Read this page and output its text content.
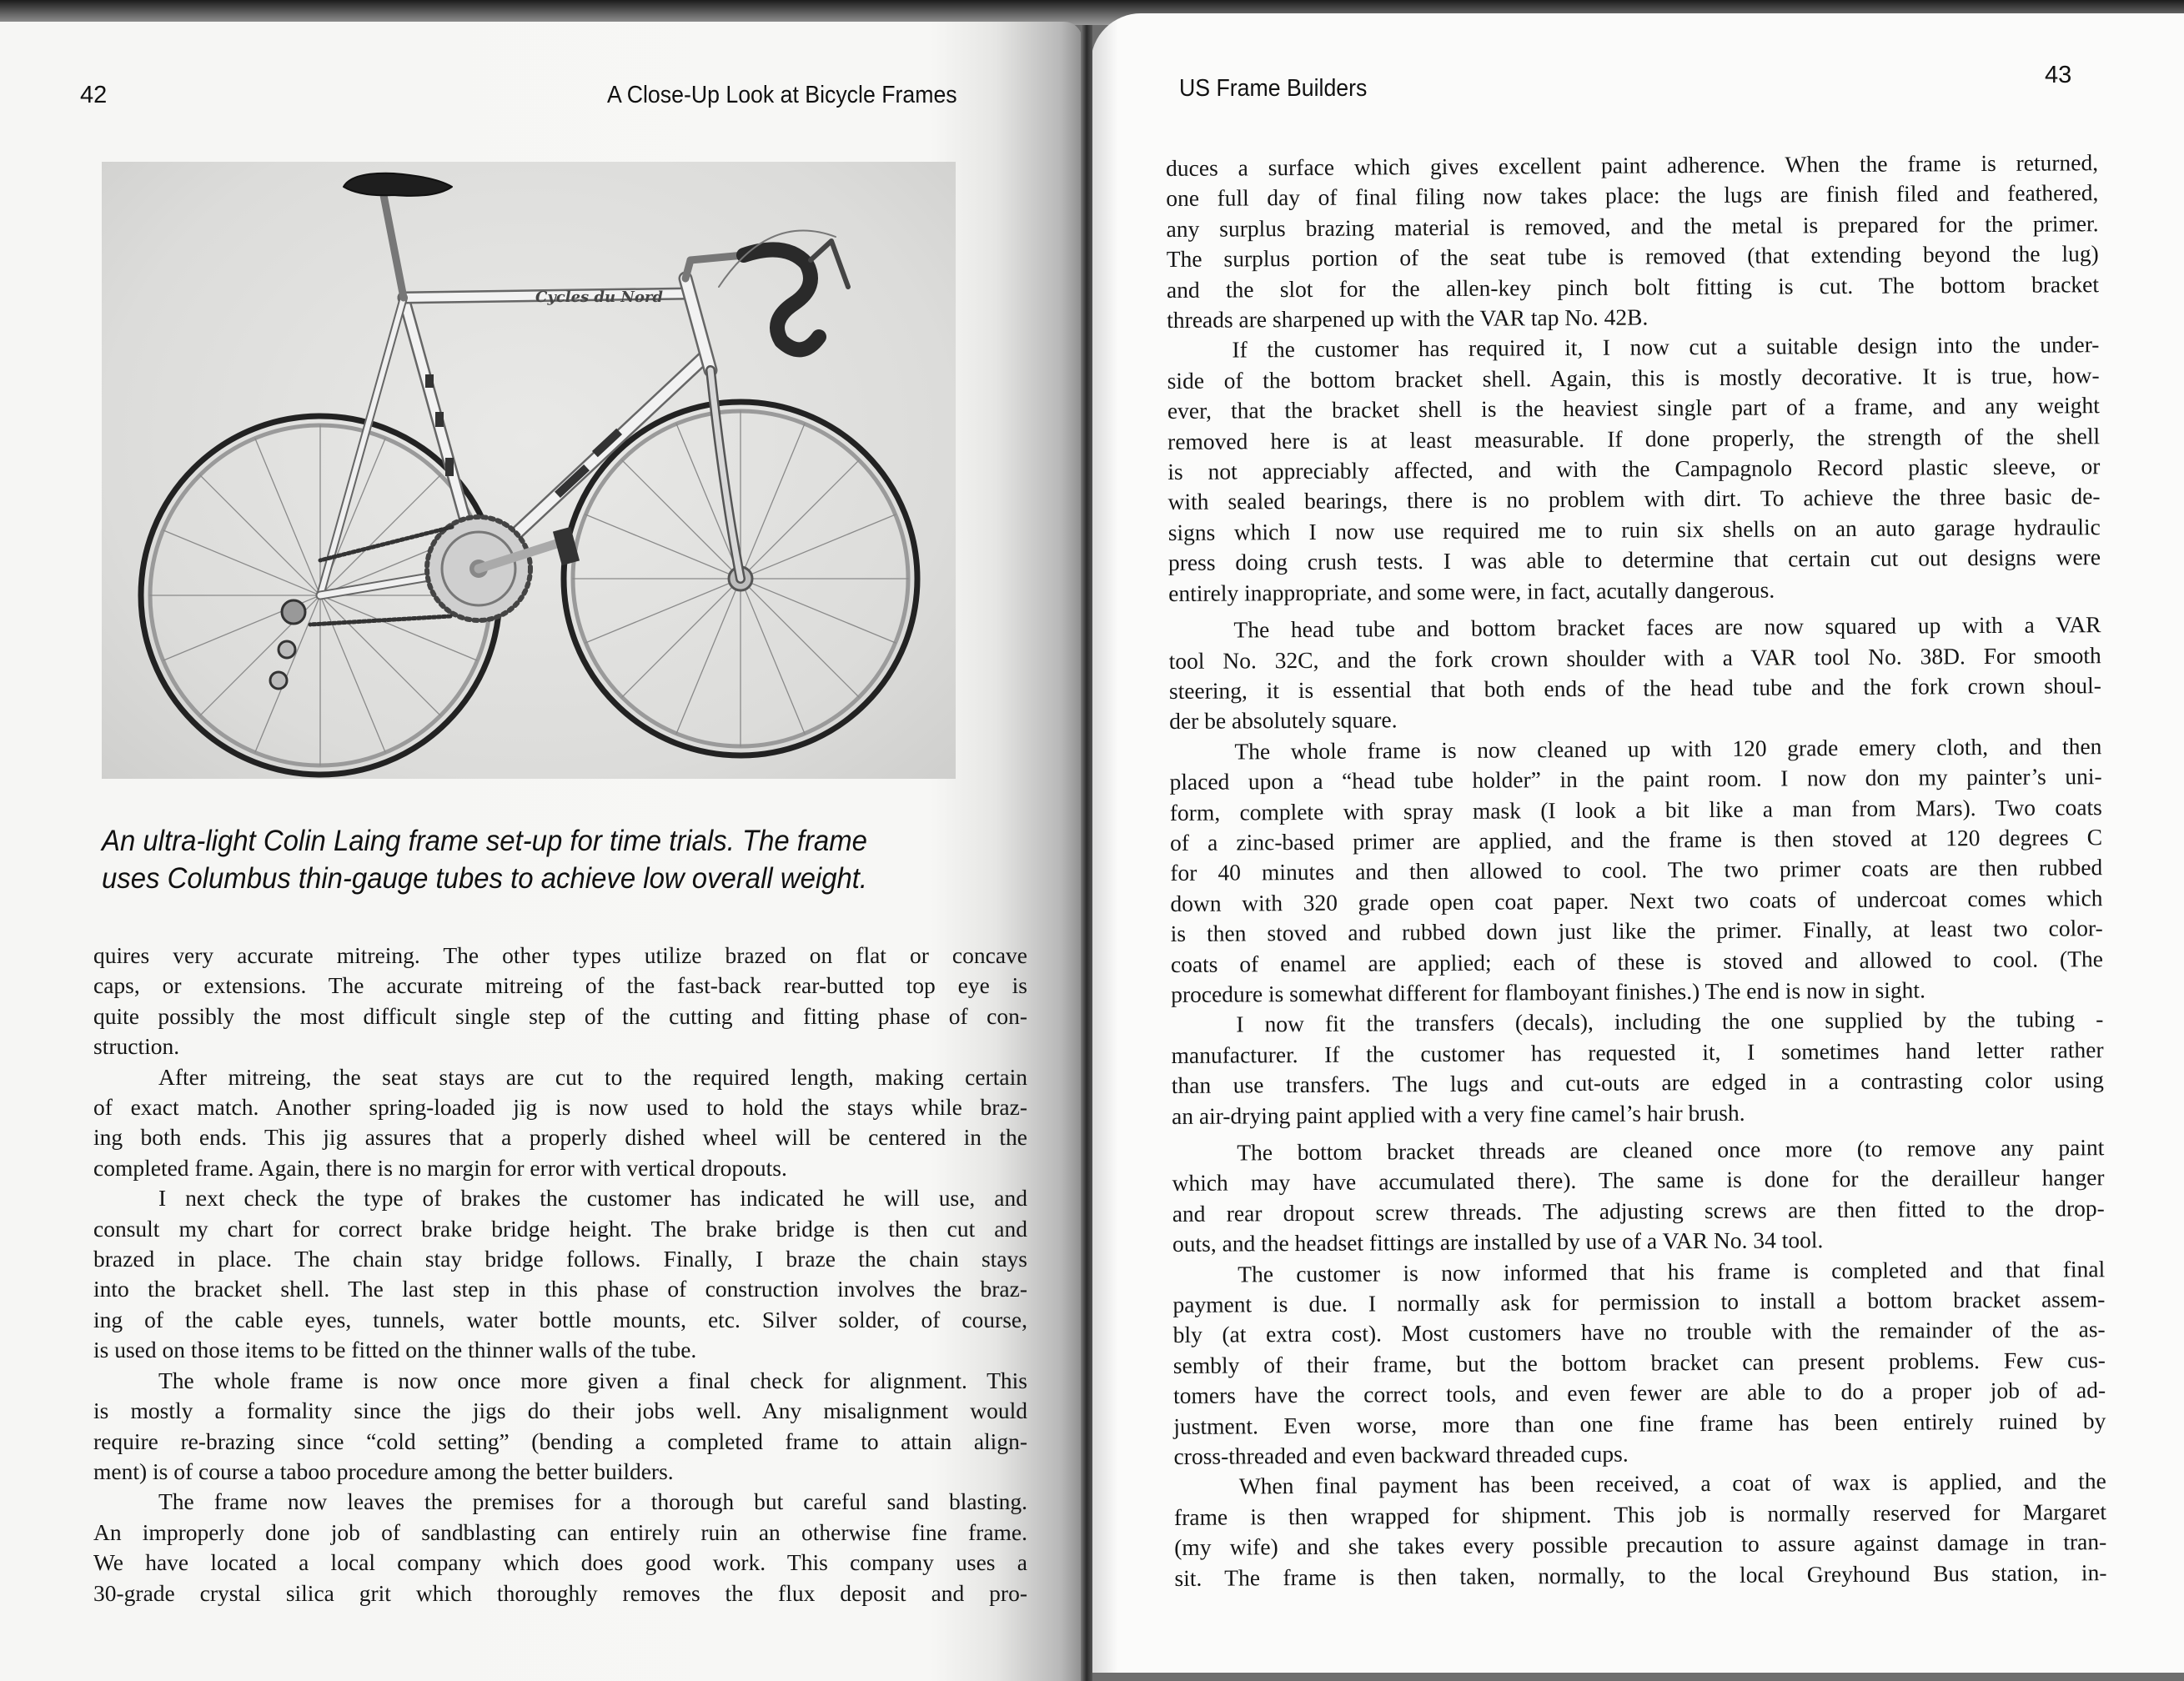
42	A Close-Up Look at Bicycle Frames
Cycles du Nord

An ultra-light Colin Laing frame set-up for time trials. The frame

uses Columbus thin-gauge tubes to achieve low overall weight.

quires very accurate mitreing. The other types utilize brazed on flat or concave
caps, or extensions. The accurate mitreing of the fast-back rear-butted top eye is
quite possibly the most difficult single step of the cutting and fitting phase of con-
struction.

After mitreing, the seat stays are cut to the required length, making certain
of exact match. Another spring-loaded jig is now used to hold the stays while braz-
ing both ends. This jig assures that a properly dished wheel will be centered in the
completed frame. Again, there is no margin for error with vertical dropouts.

I next check the type of brakes the customer has indicated he will use, and
consult my chart for correct brake bridge height. The brake bridge is then cut and
brazed in place. The chain stay bridge follows. Finally, I braze the chain stays
into the bracket shell. The last step in this phase of construction involves the braz-
ing of the cable eyes, tunnels, water bottle mounts, etc. Silver solder, of course,
is used on those items to be fitted on the thinner walls of the tube.

The whole frame is now once more given a final check for alignment. This
is mostly a formality since the jigs do their jobs well. Any misalignment would
require re-brazing since “cold setting” (bending a completed frame to attain align-
ment) is of course a taboo procedure among the better builders.

The frame now leaves the premises for a thorough but careful sand blasting.
An improperly done job of sandblasting can entirely ruin an otherwise fine frame.
We have located a local company which does good work. This company uses a
30-grade crystal silica grit which thoroughly removes the flux deposit and pro-

US Frame Builders	43

duces a surface which gives excellent paint adherence. When the frame is returned,
one full day of final filing now takes place: the lugs are finish filed and feathered,
any surplus brazing material is removed, and the metal is prepared for the primer.
The surplus portion of the seat tube is removed (that extending beyond the lug)
and the slot for the allen-key pinch bolt fitting is cut. The bottom bracket
threads are sharpened up with the VAR tap No. 42B.

If the customer has required it, I now cut a suitable design into the under-
side of the bottom bracket shell. Again, this is mostly decorative. It is true, how-
ever, that the bracket shell is the heaviest single part of a frame, and any weight
removed here is at least measurable. If done properly, the strength of the shell
is not appreciably affected, and with the Campagnolo Record plastic sleeve, or
with sealed bearings, there is no problem with dirt. To achieve the three basic de-
signs which I now use required me to ruin six shells on an auto garage hydraulic
press doing crush tests. I was able to determine that certain cut out designs were
entirely inappropriate, and some were, in fact, acutally dangerous.

The head tube and bottom bracket faces are now squared up with a VAR
tool No. 32C, and the fork crown shoulder with a VAR tool No. 38D. For smooth
steering, it is essential that both ends of the head tube and the fork crown shoul-
der be absolutely square.

The whole frame is now cleaned up with 120 grade emery cloth, and then
placed upon a “head tube holder” in the paint room. I now don my painter’s uni-
form, complete with spray mask (I look a bit like a man from Mars). Two coats
of a zinc-based primer are applied, and the frame is then stoved at 120 degrees C
for 40 minutes and then allowed to cool. The two primer coats are then rubbed
down with 320 grade open coat paper. Next two coats of undercoat comes which
is then stoved and rubbed down just like the primer. Finally, at least two color-
coats of enamel are applied; each of these is stoved and allowed to cool. (The
procedure is somewhat different for flamboyant finishes.) The end is now in sight.

I now fit the transfers (decals), including the one supplied by the tubing -
manufacturer. If the customer has requested it, I sometimes hand letter rather
than use transfers. The lugs and cut-outs are edged in a contrasting color using
an air-drying paint applied with a very fine camel’s hair brush.

The bottom bracket threads are cleaned once more (to remove any paint
which may have accumulated there). The same is done for the derailleur hanger
and rear dropout screw threads. The adjusting screws are then fitted to the drop-
outs, and the headset fittings are installed by use of a VAR No. 34 tool.

The customer is now informed that his frame is completed and that final
payment is due. I normally ask for permission to install a bottom bracket assem-
bly (at extra cost). Most customers have no trouble with the remainder of the as-
sembly of their frame, but the bottom bracket can present problems. Few cus-
tomers have the correct tools, and even fewer are able to do a proper job of ad-
justment. Even worse, more than one fine frame has been entirely ruined by
cross-threaded and even backward threaded cups.

When final payment has been received, a coat of wax is applied, and the
frame is then wrapped for shipment. This job is normally reserved for Margaret
(my wife) and she takes every possible precaution to assure against damage in tran-
sit. The frame is then taken, normally, to the local Greyhound Bus station, in-
